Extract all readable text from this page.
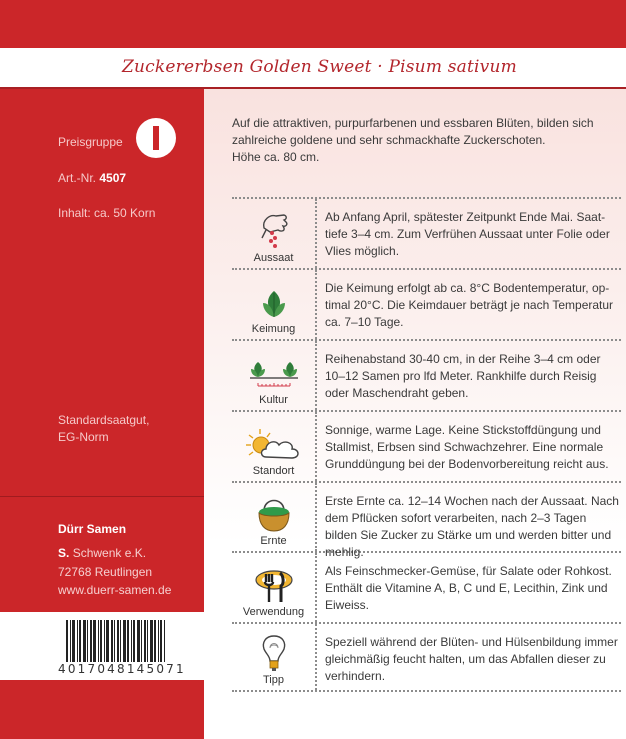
Zuckererbsen Golden Sweet · Pisum sativum
Preisgruppe
Art.-Nr. 4507
Inhalt: ca. 50 Korn
Standardsaatgut,
EG-Norm
Dürr Samen
S. Schwenk e.K.
72768 Reutlingen
www.duerr-samen.de
4017048145071
Auf die attraktiven, purpurfarbenen und essbaren Blüten, bilden sich
zahlreiche goldene und sehr schmackhafte Zuckerschoten.
Höhe ca. 80 cm.
Aussaat
Ab Anfang April, spätester Zeitpunkt Ende Mai. Saat-tiefe 3–4 cm. Zum Verfrühen Aussaat unter Folie oder Vlies möglich.
Keimung
Die Keimung erfolgt ab ca. 8°C Bodentemperatur, op-timal 20°C. Die Keimdauer beträgt je nach Temperatur ca. 7–10 Tage.
Kultur
Reihenabstand 30-40 cm, in der Reihe 3–4 cm oder 10–12 Samen pro lfd Meter. Rankhilfe durch Reisig oder Maschendraht geben.
Standort
Sonnige, warme Lage. Keine Stickstoffdüngung und Stallmist, Erbsen sind Schwachzehrer. Eine normale Grunddüngung bei der Bodenvorbereitung reicht aus.
Ernte
Erste Ernte ca. 12–14 Wochen nach der Aussaat. Nach dem Pflücken sofort verarbeiten, nach 2–3 Tagen bilden Sie Zucker zu Stärke um und werden bitter und mehlig.
Verwendung
Als Feinschmecker-Gemüse, für Salate oder Rohkost. Enthält die Vitamine A, B, C und E, Lecithin, Zink und Eiweiss.
Tipp
Speziell während der Blüten- und Hülsenbildung immer gleichmäßig feucht halten, um das Abfallen dieser zu verhindern.
